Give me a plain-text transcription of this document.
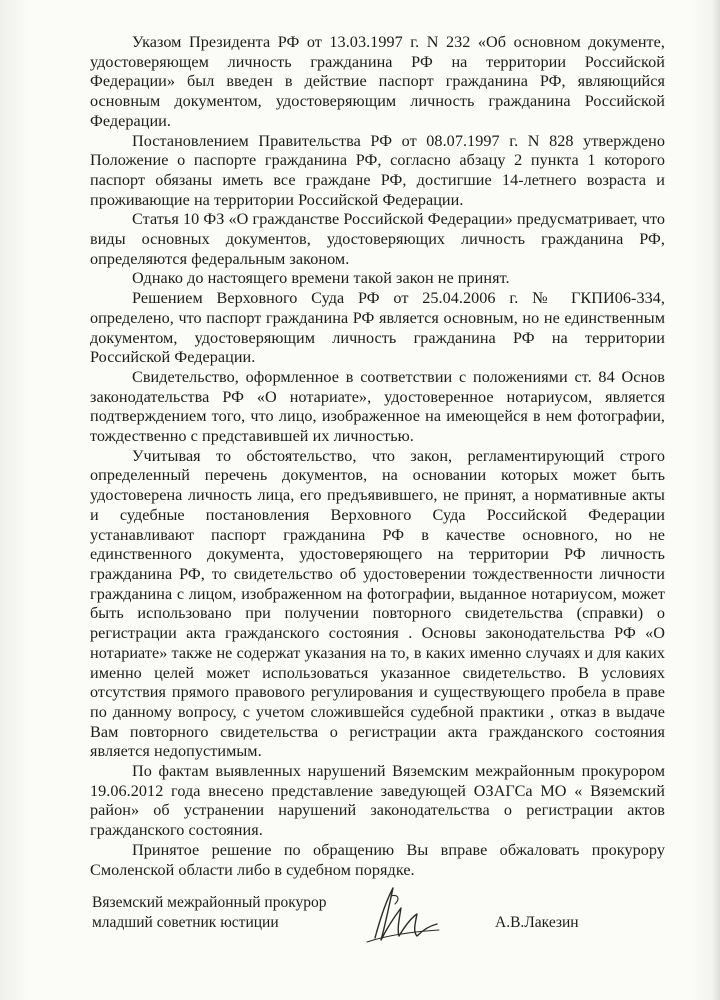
Указом Президента РФ от 13.03.1997 г. N 232 «Об основном документе, удостоверяющем личность гражданина РФ на территории Российской Федерации» был введен в действие паспорт гражданина РФ, являющийся основным документом, удостоверяющим личность гражданина Российской Федерации.

Постановлением Правительства РФ от 08.07.1997 г. N 828 утверждено Положение о паспорте гражданина РФ, согласно абзацу 2 пункта 1 которого паспорт обязаны иметь все граждане РФ, достигшие 14-летнего возраста и проживающие на территории Российской Федерации.

Статья 10 ФЗ «О гражданстве Российской Федерации» предусматривает, что виды основных документов, удостоверяющих личность гражданина РФ, определяются федеральным законом.

Однако до настоящего времени такой закон не принят.

Решением Верховного Суда РФ от 25.04.2006 г. № ГКПИ06-334, определено, что паспорт гражданина РФ является основным, но не единственным документом, удостоверяющим личность гражданина РФ на территории Российской Федерации.

Свидетельство, оформленное в соответствии с положениями ст. 84 Основ законодательства РФ «О нотариате», удостоверенное нотариусом, является подтверждением того, что лицо, изображенное на имеющейся в нем фотографии, тождественно с представившей их личностью.

Учитывая то обстоятельство, что закон, регламентирующий строго определенный перечень документов, на основании которых может быть удостоверена личность лица, его предъявившего, не принят, а нормативные акты и судебные постановления Верховного Суда Российской Федерации устанавливают паспорт гражданина РФ в качестве основного, но не единственного документа, удостоверяющего на территории РФ личность гражданина РФ, то свидетельство об удостоверении тождественности личности гражданина с лицом, изображенном на фотографии, выданное нотариусом, может быть использовано при получении повторного свидетельства (справки) о регистрации акта гражданского состояния . Основы законодательства РФ «О нотариате» также не содержат указания на то, в каких именно случаях и для каких именно целей может использоваться указанное свидетельство. В условиях отсутствия прямого правового регулирования и существующего пробела в праве по данному вопросу, с учетом сложившейся судебной практики , отказ в выдаче Вам повторного свидетельства о регистрации акта гражданского состояния является недопустимым.

По фактам выявленных нарушений Вяземским межрайонным прокурором 19.06.2012 года внесено представление заведующей ОЗАГСа МО « Вяземский район» об устранении нарушений законодательства о регистрации актов гражданского состояния.

Принятое решение по обращению Вы вправе обжаловать прокурору Смоленской области либо в судебном порядке.

Вяземский межрайонный прокурор
младший советник юстиции	А.В.Лакезин
